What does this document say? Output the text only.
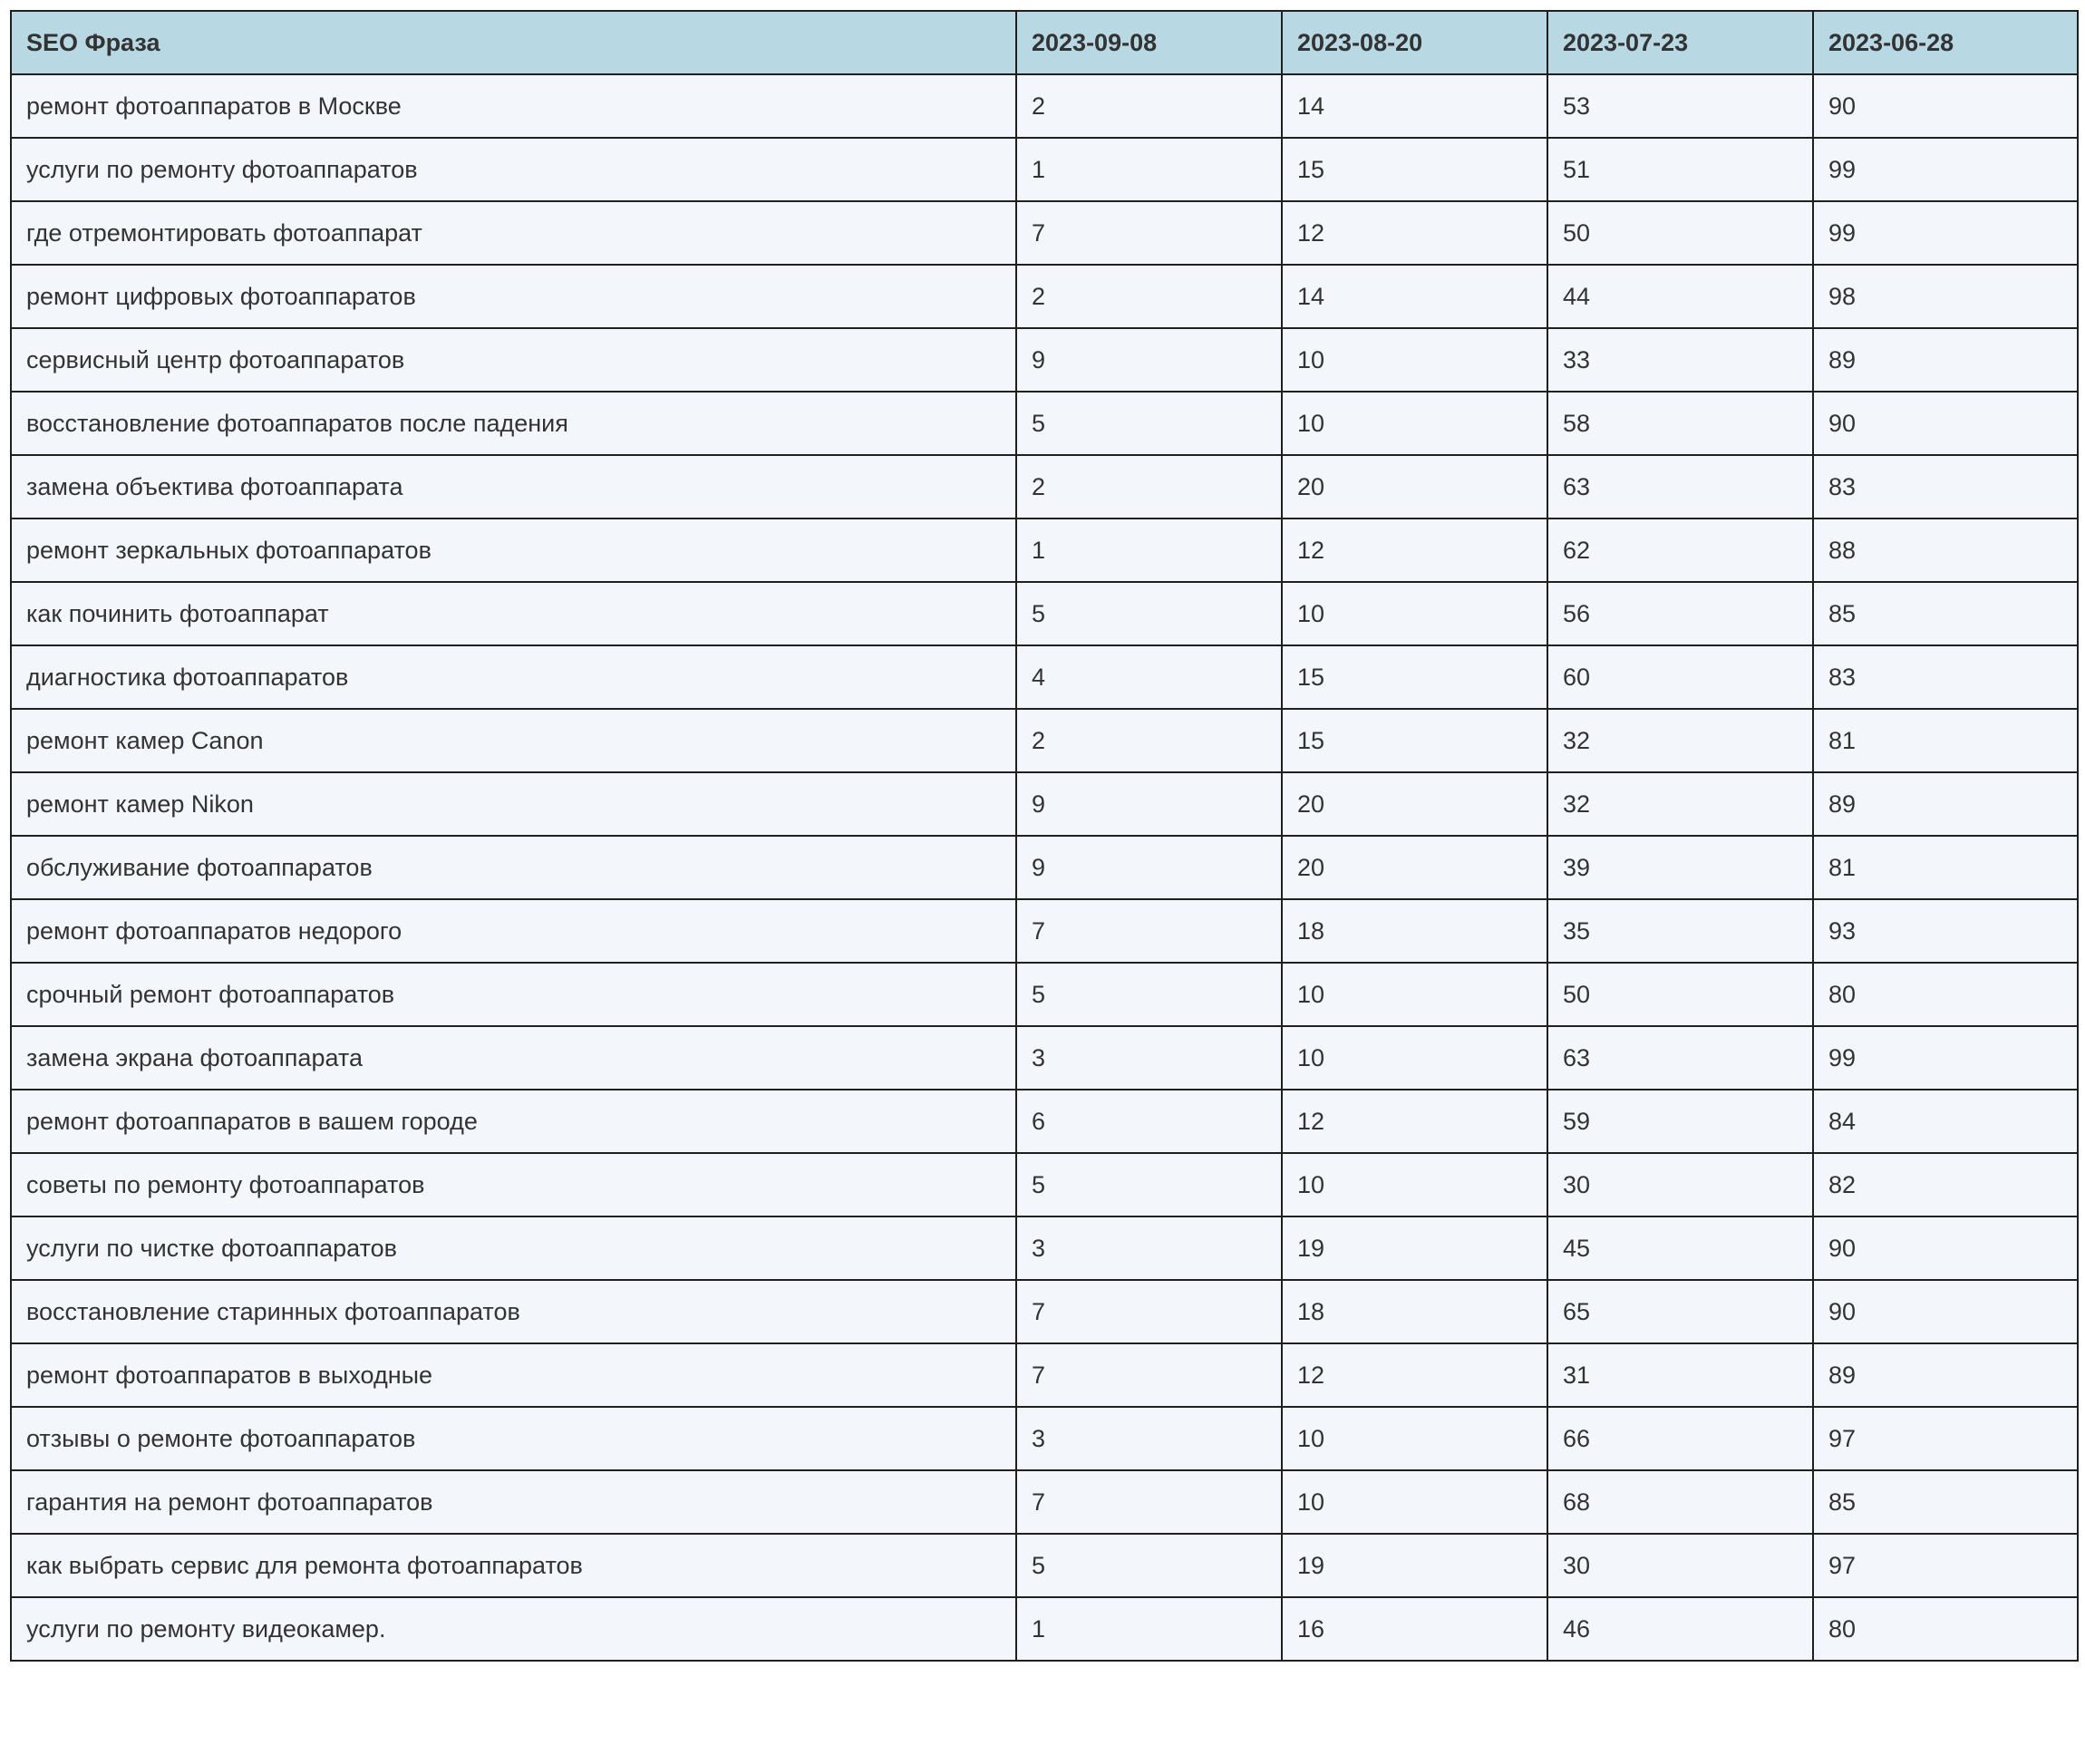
SEO Фраза	2023-09-08	2023-08-20	2023-07-23	2023-06-28
ремонт фотоаппаратов в Москве	2	14	53	90
услуги по ремонту фотоаппаратов	1	15	51	99
где отремонтировать фотоаппарат	7	12	50	99
ремонт цифровых фотоаппаратов	2	14	44	98
сервисный центр фотоаппаратов	9	10	33	89
восстановление фотоаппаратов после падения	5	10	58	90
замена объектива фотоаппарата	2	20	63	83
ремонт зеркальных фотоаппаратов	1	12	62	88
как починить фотоаппарат	5	10	56	85
диагностика фотоаппаратов	4	15	60	83
ремонт камер Canon	2	15	32	81
ремонт камер Nikon	9	20	32	89
обслуживание фотоаппаратов	9	20	39	81
ремонт фотоаппаратов недорого	7	18	35	93
срочный ремонт фотоаппаратов	5	10	50	80
замена экрана фотоаппарата	3	10	63	99
ремонт фотоаппаратов в вашем городе	6	12	59	84
советы по ремонту фотоаппаратов	5	10	30	82
услуги по чистке фотоаппаратов	3	19	45	90
восстановление старинных фотоаппаратов	7	18	65	90
ремонт фотоаппаратов в выходные	7	12	31	89
отзывы о ремонте фотоаппаратов	3	10	66	97
гарантия на ремонт фотоаппаратов	7	10	68	85
как выбрать сервис для ремонта фотоаппаратов	5	19	30	97
услуги по ремонту видеокамер.	1	16	46	80
